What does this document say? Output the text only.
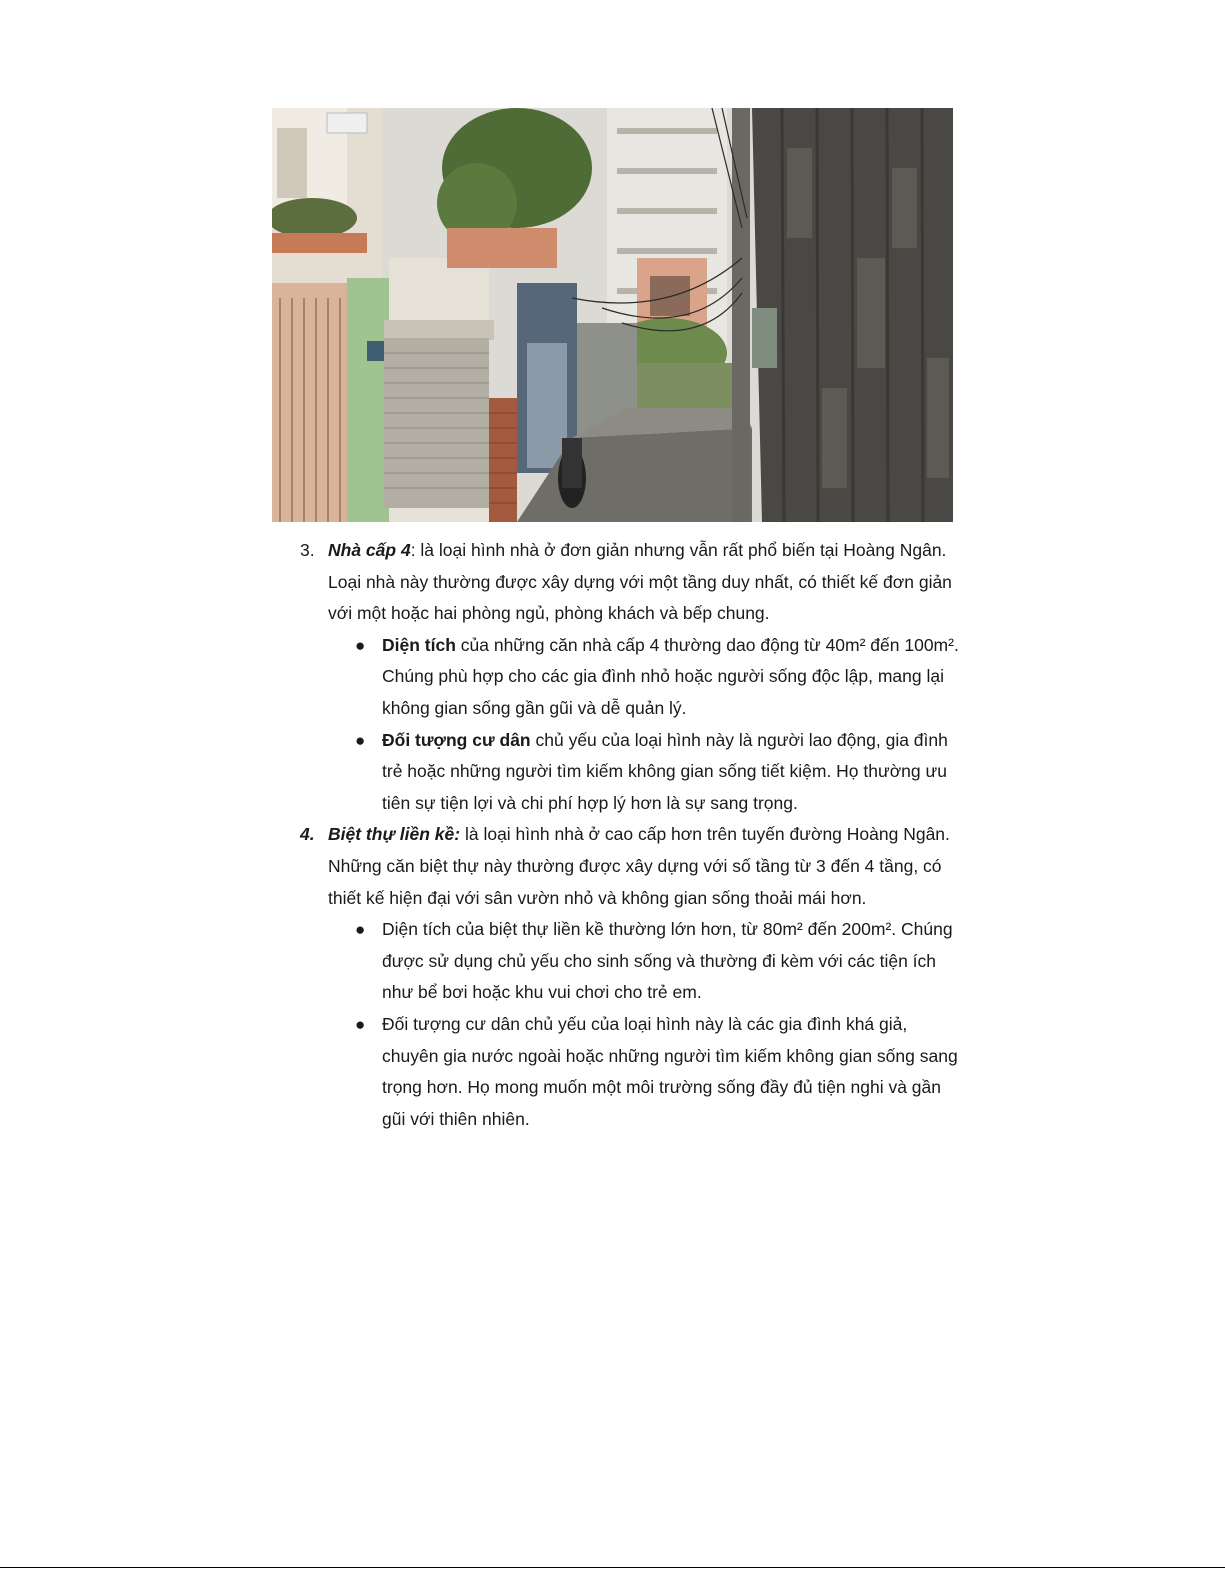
3. Nhà cấp 4: là loại hình nhà ở đơn giản nhưng vẫn rất phổ biến tại Hoàng Ngân. Loại nhà này thường được xây dựng với một tầng duy nhất, có thiết kế đơn giản với một hoặc hai phòng ngủ, phòng khách và bếp chung.
● Diện tích của những căn nhà cấp 4 thường dao động từ 40m² đến 100m². Chúng phù hợp cho các gia đình nhỏ hoặc người sống độc lập, mang lại không gian sống gần gũi và dễ quản lý.
● Đối tượng cư dân chủ yếu của loại hình này là người lao động, gia đình trẻ hoặc những người tìm kiếm không gian sống tiết kiệm. Họ thường ưu tiên sự tiện lợi và chi phí hợp lý hơn là sự sang trọng.
4. Biệt thự liền kề: là loại hình nhà ở cao cấp hơn trên tuyến đường Hoàng Ngân. Những căn biệt thự này thường được xây dựng với số tầng từ 3 đến 4 tầng, có thiết kế hiện đại với sân vườn nhỏ và không gian sống thoải mái hơn.
● Diện tích của biệt thự liền kề thường lớn hơn, từ 80m² đến 200m². Chúng được sử dụng chủ yếu cho sinh sống và thường đi kèm với các tiện ích như bể bơi hoặc khu vui chơi cho trẻ em.
● Đối tượng cư dân chủ yếu của loại hình này là các gia đình khá giả, chuyên gia nước ngoài hoặc những người tìm kiếm không gian sống sang trọng hơn. Họ mong muốn một môi trường sống đầy đủ tiện nghi và gần gũi với thiên nhiên.
